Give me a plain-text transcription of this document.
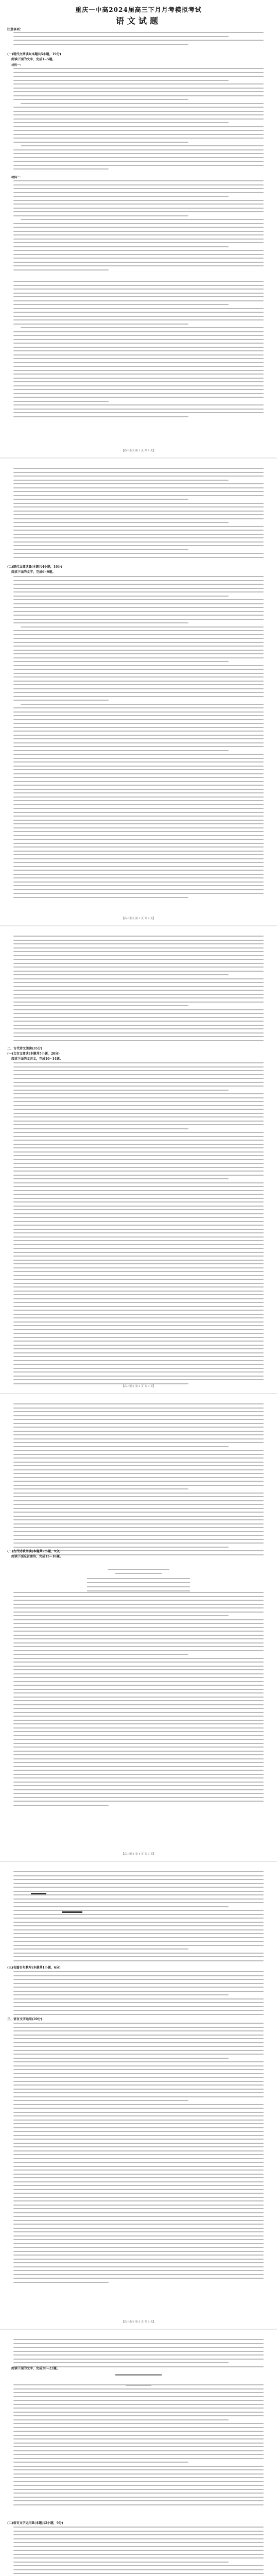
重庆一中高2024届高三下月月考模拟考试
语文试题
注意事项：
(一)现代文阅读Ⅰ(本题共5小题，19分)
阅读下面的文字，完成1~5题。
材料一：
材料二：
【高三语文 第 1 页 共 8 页】
(二)现代文阅读Ⅱ(本题共4小题，16分)
阅读下面的文字，完成6~9题。
【高三语文 第 2 页 共 8 页】
二、古代诗文阅读(35分)
(一)文言文阅读(本题共5小题，20分)
阅读下面的文言文，完成10~14题。
【高三语文 第 3 页 共 8 页】
(二)古代诗歌阅读(本题共2小题，9分)
阅读下面这首唐诗，完成15~16题。
【高三语文 第 4 页 共 8 页】
(三)名篇名句默写(本题共1小题，6分)
三、语言文字运用(20分)
【高三语文 第 5 页 共 8 页】
阅读下面的文字，完成20~22题。
(二)语言文字运用Ⅱ(本题共2小题，9分)
